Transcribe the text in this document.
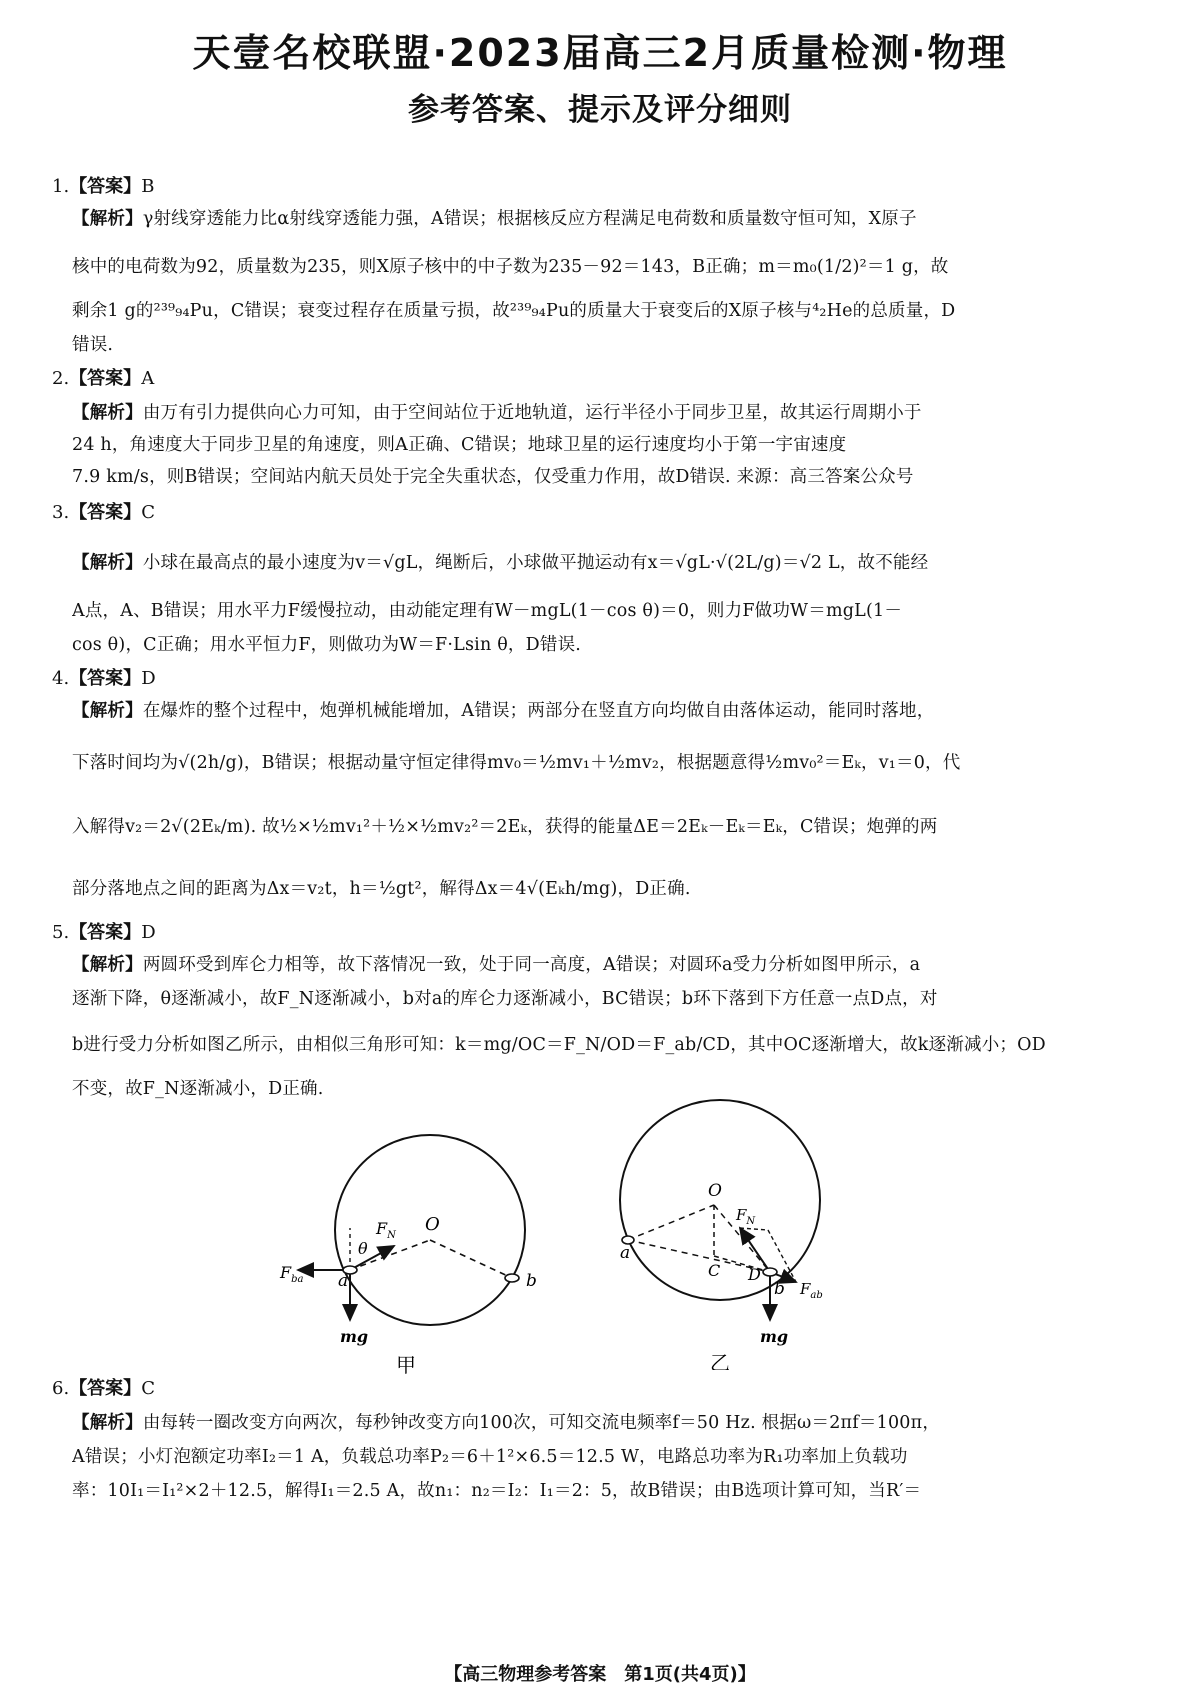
天壹名校联盟·2023届高三2月质量检测·物理
参考答案、提示及评分细则
1.【答案】B
【解析】γ射线穿透能力比α射线穿透能力强，A错误；根据核反应方程满足电荷数和质量数守恒可知，X原子
核中的电荷数为92，质量数为235，则X原子核中的中子数为235－92＝143，B正确；m＝m₀(1/2)²＝1 g，故
剩余1 g的²³⁹₉₄Pu，C错误；衰变过程存在质量亏损，故²³⁹₉₄Pu的质量大于衰变后的X原子核与⁴₂He的总质量，D
错误.
2.【答案】A
【解析】由万有引力提供向心力可知，由于空间站位于近地轨道，运行半径小于同步卫星，故其运行周期小于
24 h，角速度大于同步卫星的角速度，则A正确、C错误；地球卫星的运行速度均小于第一宇宙速度
7.9 km/s，则B错误；空间站内航天员处于完全失重状态，仅受重力作用，故D错误. 来源：高三答案公众号
3.【答案】C
【解析】小球在最高点的最小速度为v＝√gL，绳断后，小球做平抛运动有x＝√gL·√(2L/g)＝√2 L，故不能经
A点，A、B错误；用水平力F缓慢拉动，由动能定理有W－mgL(1－cos θ)＝0，则力F做功W＝mgL(1－
cos θ)，C正确；用水平恒力F，则做功为W＝F·Lsin θ，D错误.
4.【答案】D
【解析】在爆炸的整个过程中，炮弹机械能增加，A错误；两部分在竖直方向均做自由落体运动，能同时落地，
下落时间均为√(2h/g)，B错误；根据动量守恒定律得mv₀＝½mv₁＋½mv₂，根据题意得½mv₀²＝Eₖ，v₁＝0，代
入解得v₂＝2√(2Eₖ/m). 故½×½mv₁²＋½×½mv₂²＝2Eₖ，获得的能量ΔE＝2Eₖ－Eₖ＝Eₖ，C错误；炮弹的两
部分落地点之间的距离为Δx＝v₂t，h＝½gt²，解得Δx＝4√(Eₖh/mg)，D正确.
5.【答案】D
【解析】两圆环受到库仑力相等，故下落情况一致，处于同一高度，A错误；对圆环a受力分析如图甲所示，a
逐渐下降，θ逐渐减小，故F_N逐渐减小，b对a的库仑力逐渐减小，BC错误；b环下落到下方任意一点D点，对
b进行受力分析如图乙所示，由相似三角形可知：k＝mg/OC＝F_N/OD＝F_ab/CD，其中OC逐渐增大，故k逐渐减小；OD
不变，故F_N逐渐减小，D正确.
O
$F_N$
θ
$F_{ba}$ a	b
mg
甲
O
$F_N$
a
C D
b $F_{ab}$
mg
乙
6.【答案】C
【解析】由每转一圈改变方向两次，每秒钟改变方向100次，可知交流电频率f＝50 Hz. 根据ω＝2πf＝100π，
A错误；小灯泡额定功率I₂＝1 A，负载总功率P₂＝6＋1²×6.5＝12.5 W，电路总功率为R₁功率加上负载功
率：10I₁＝I₁²×2＋12.5，解得I₁＝2.5 A，故n₁：n₂＝I₂：I₁＝2：5，故B错误；由B选项计算可知，当R′＝
【高三物理参考答案　第1页(共4页)】
